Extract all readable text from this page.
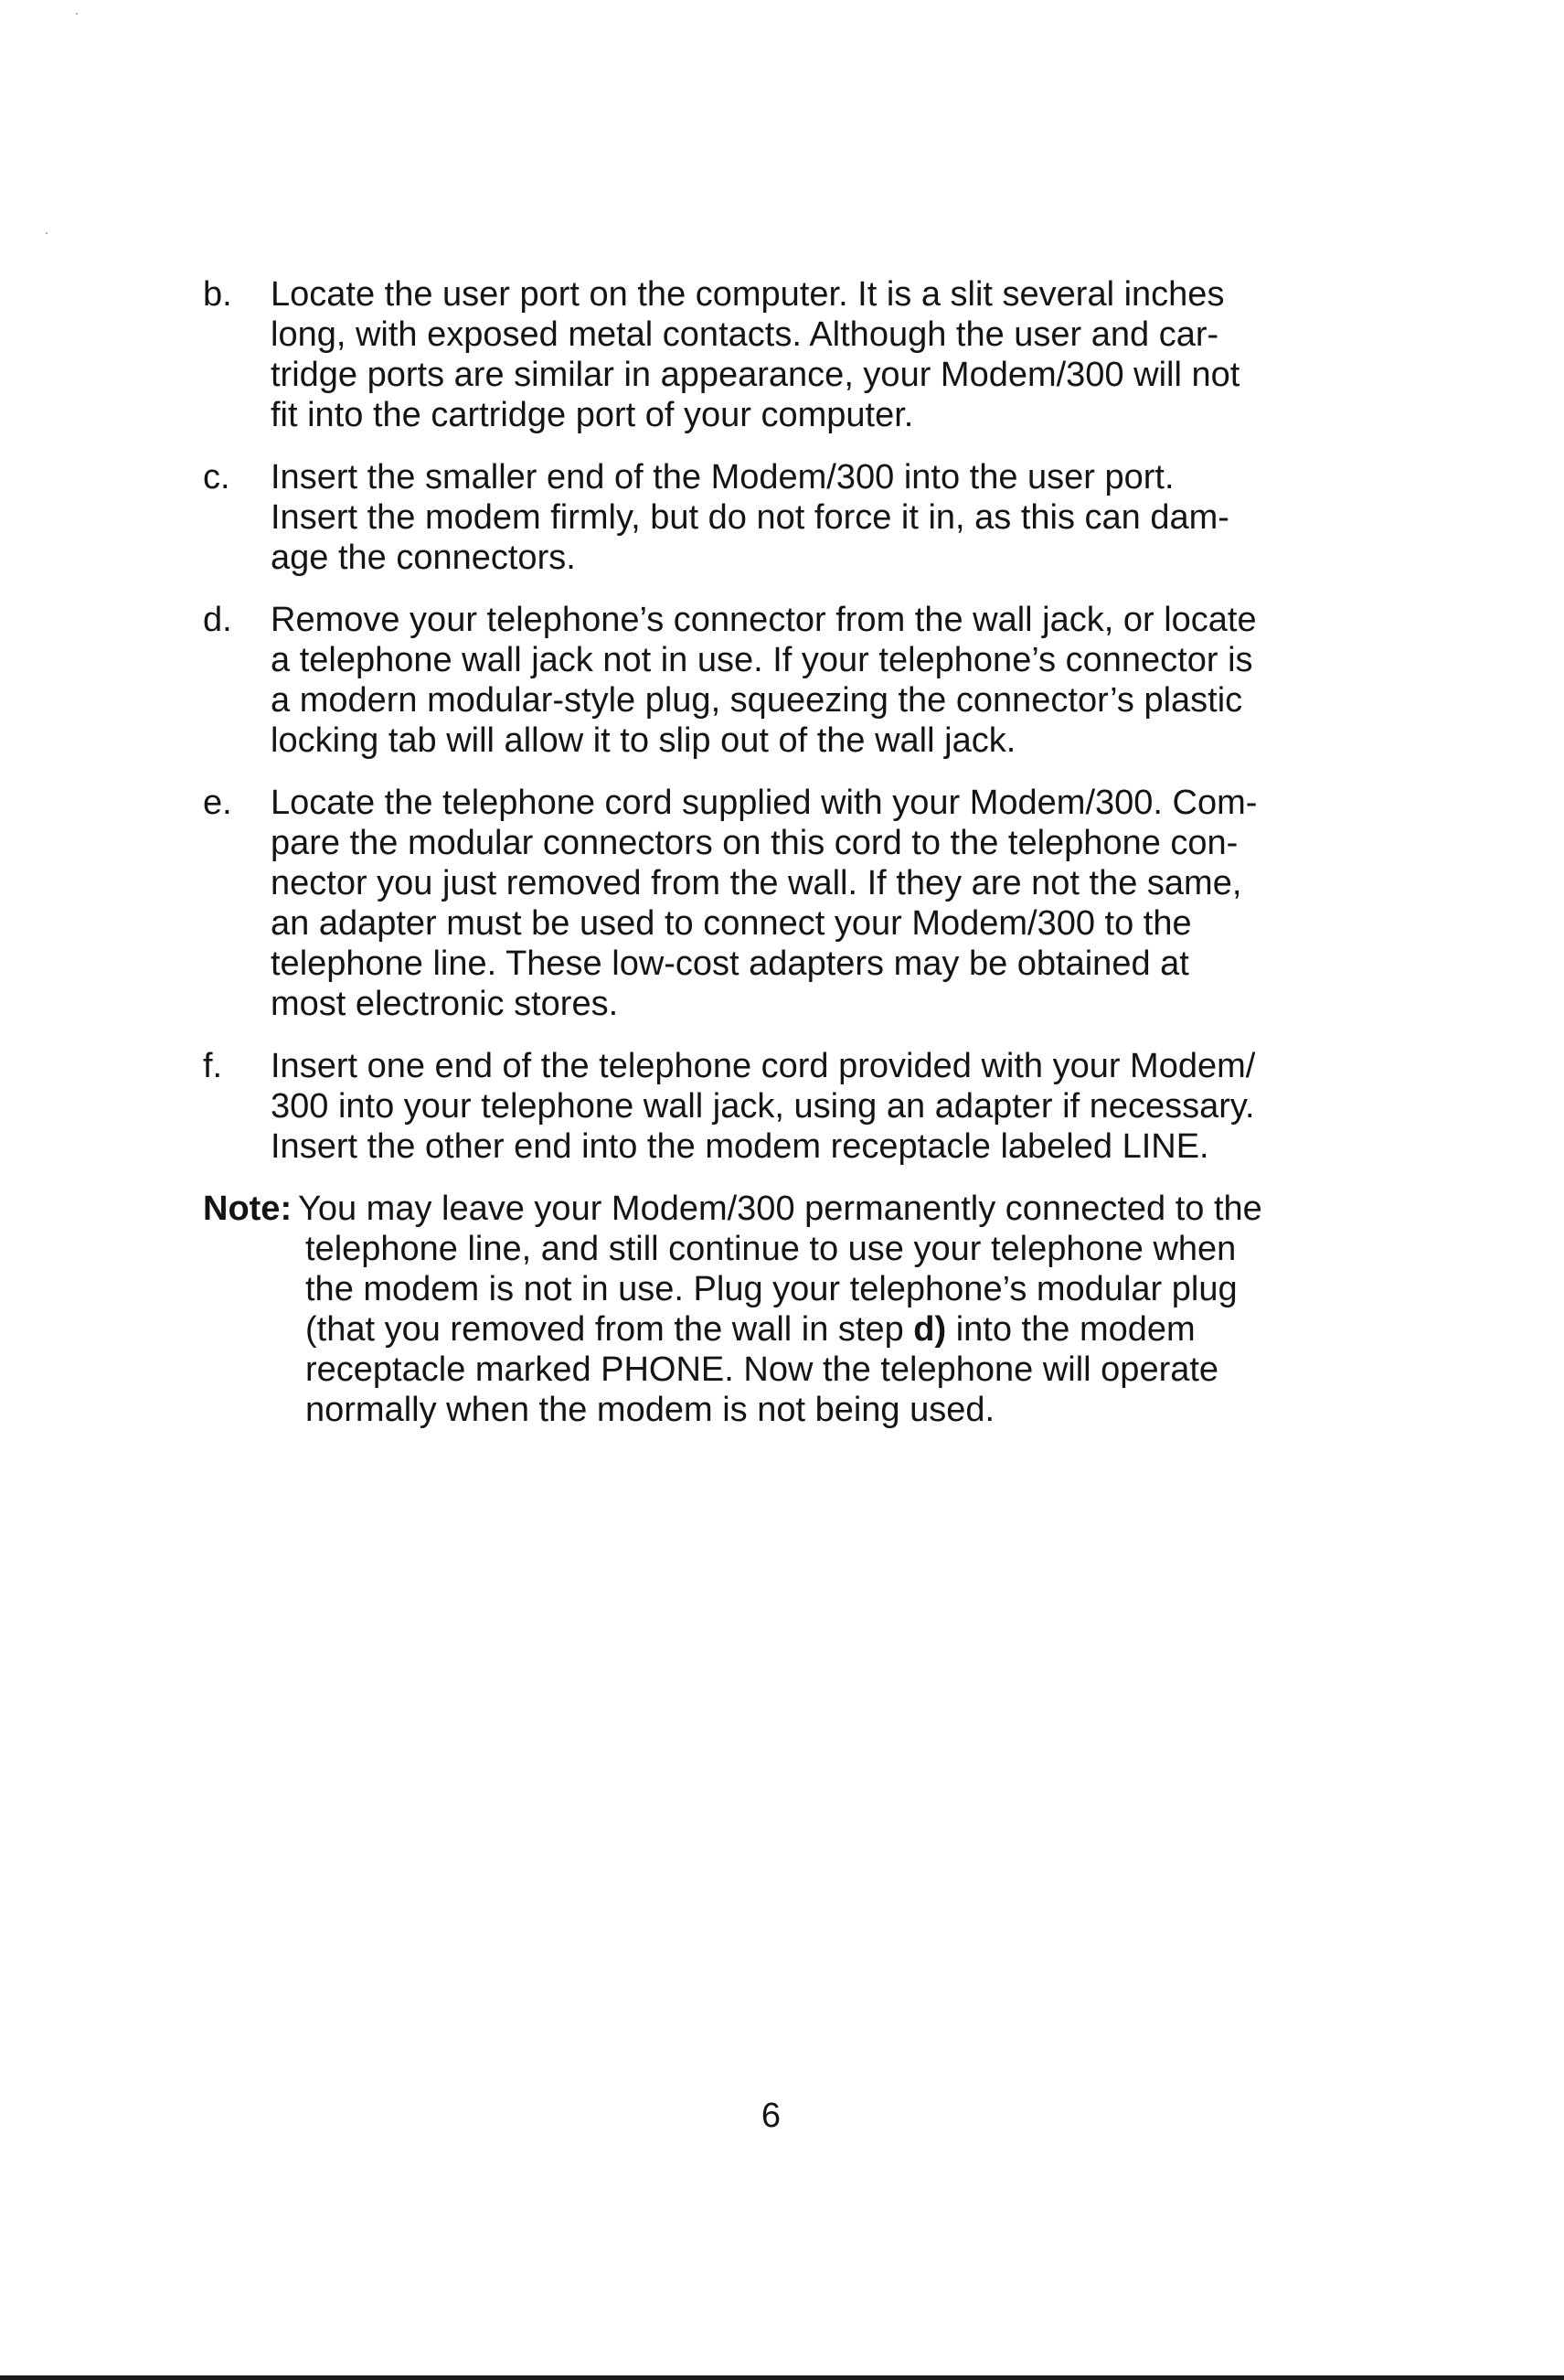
b. Locate the user port on the computer. It is a slit several inches
long, with exposed metal contacts. Although the user and car-
tridge ports are similar in appearance, your Modem/300 will not
fit into the cartridge port of your computer.
c. Insert the smaller end of the Modem/300 into the user port.
Insert the modem firmly, but do not force it in, as this can dam-
age the connectors.
d. Remove your telephone’s connector from the wall jack, or locate
a telephone wall jack not in use. If your telephone’s connector is
a modern modular-style plug, squeezing the connector’s plastic
locking tab will allow it to slip out of the wall jack.
e. Locate the telephone cord supplied with your Modem/300. Com-
pare the modular connectors on this cord to the telephone con-
nector you just removed from the wall. If they are not the same,
an adapter must be used to connect your Modem/300 to the
telephone line. These low-cost adapters may be obtained at
most electronic stores.
f. Insert one end of the telephone cord provided with your Modem/
300 into your telephone wall jack, using an adapter if necessary.
Insert the other end into the modem receptacle labeled LINE.
Note: You may leave your Modem/300 permanently connected to the
telephone line, and still continue to use your telephone when
the modem is not in use. Plug your telephone’s modular plug
(that you removed from the wall in step d) into the modem
receptacle marked PHONE. Now the telephone will operate
normally when the modem is not being used.
6
